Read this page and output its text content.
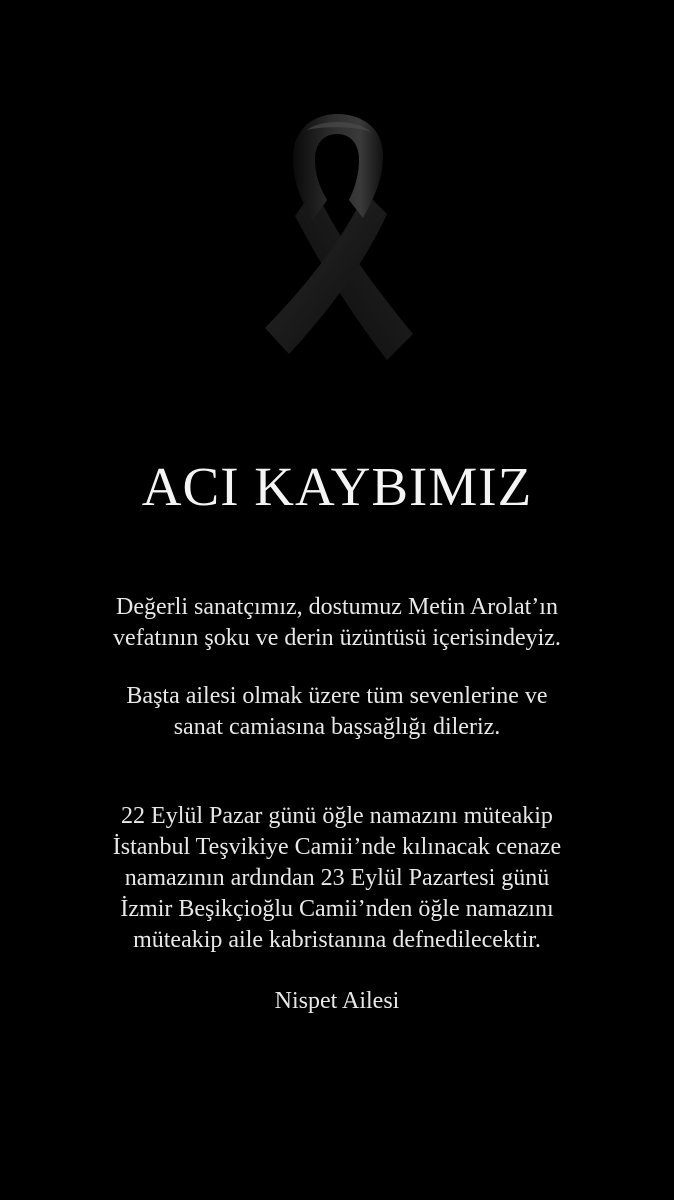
ACI KAYBIMIZ
Değerli sanatçımız, dostumuz Metin Arolat’ın
vefatının şoku ve derin üzüntüsü içerisindeyiz.
Başta ailesi olmak üzere tüm sevenlerine ve
sanat camiasına başsağlığı dileriz.
22 Eylül Pazar günü öğle namazını müteakip
İstanbul Teşvikiye Camii’nde kılınacak cenaze
namazının ardından 23 Eylül Pazartesi günü
İzmir Beşikçioğlu Camii’nden öğle namazını
müteakip aile kabristanına defnedilecektir.
Nispet Ailesi
